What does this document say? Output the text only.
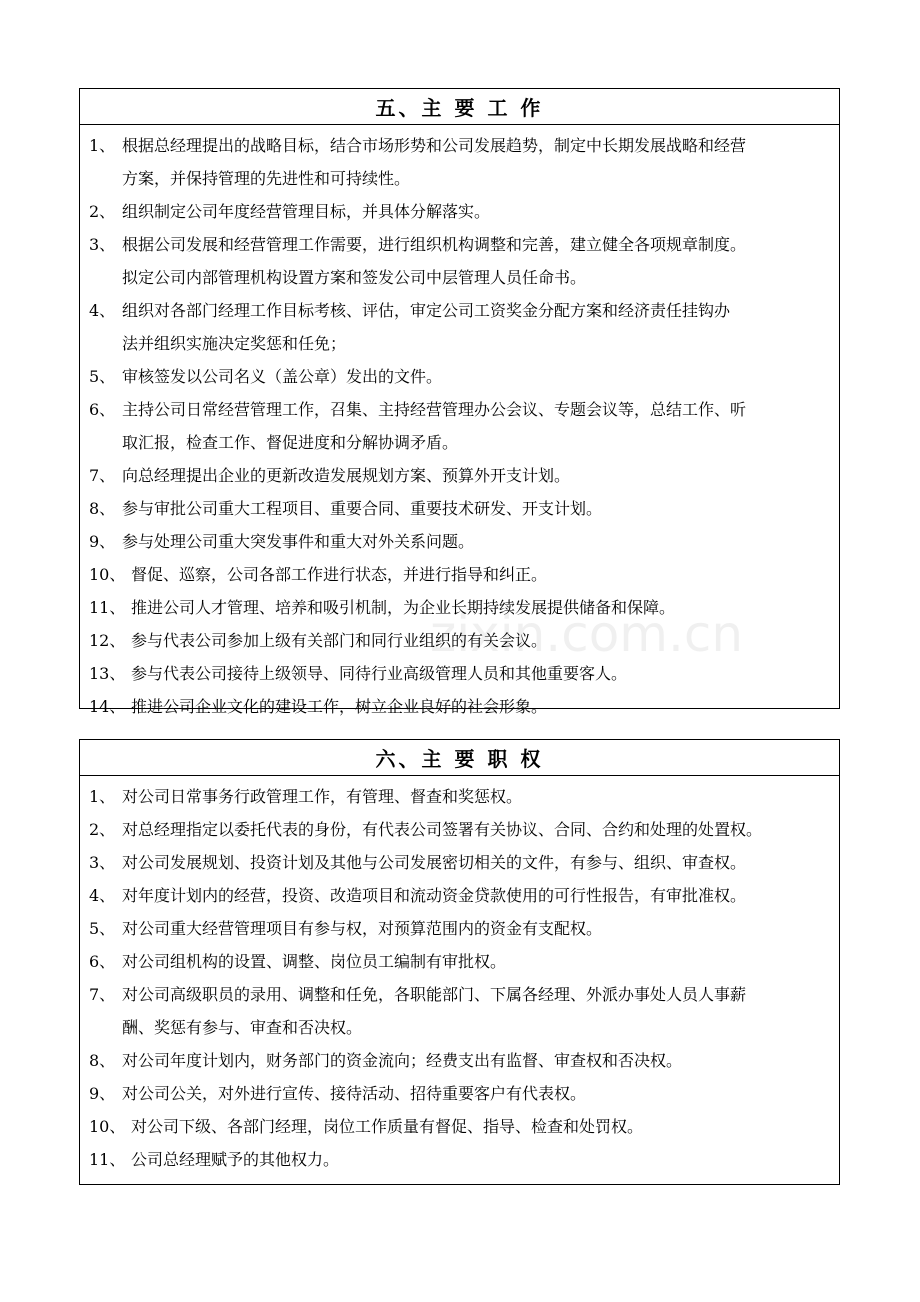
五、主 要 工 作
1、 根据总经理提出的战略目标，结合市场形势和公司发展趋势，制定中长期发展战略和经营
方案，并保持管理的先进性和可持续性。
2、 组织制定公司年度经营管理目标，并具体分解落实。
3、 根据公司发展和经营管理工作需要，进行组织机构调整和完善，建立健全各项规章制度。
拟定公司内部管理机构设置方案和签发公司中层管理人员任命书。
4、 组织对各部门经理工作目标考核、评估，审定公司工资奖金分配方案和经济责任挂钩办
法并组织实施决定奖惩和任免；
5、 审核签发以公司名义（盖公章）发出的文件。
6、 主持公司日常经营管理工作，召集、主持经营管理办公会议、专题会议等，总结工作、听
取汇报，检查工作、督促进度和分解协调矛盾。
7、 向总经理提出企业的更新改造发展规划方案、预算外开支计划。
8、 参与审批公司重大工程项目、重要合同、重要技术研发、开支计划。
9、 参与处理公司重大突发事件和重大对外关系问题。
10、 督促、巡察，公司各部工作进行状态，并进行指导和纠正。
11、 推进公司人才管理、培养和吸引机制，为企业长期持续发展提供储备和保障。
12、 参与代表公司参加上级有关部门和同行业组织的有关会议。
13、 参与代表公司接待上级领导、同待行业高级管理人员和其他重要客人。
14、 推进公司企业文化的建设工作，树立企业良好的社会形象。
六、主 要 职 权
1、 对公司日常事务行政管理工作，有管理、督查和奖惩权。
2、 对总经理指定以委托代表的身份，有代表公司签署有关协议、合同、合约和处理的处置权。
3、 对公司发展规划、投资计划及其他与公司发展密切相关的文件，有参与、组织、审查权。
4、 对年度计划内的经营，投资、改造项目和流动资金贷款使用的可行性报告，有审批准权。
5、 对公司重大经营管理项目有参与权，对预算范围内的资金有支配权。
6、 对公司组机构的设置、调整、岗位员工编制有审批权。
7、 对公司高级职员的录用、调整和任免，各职能部门、下属各经理、外派办事处人员人事薪
酬、奖惩有参与、审查和否决权。
8、 对公司年度计划内，财务部门的资金流向；经费支出有监督、审查权和否决权。
9、 对公司公关，对外进行宣传、接待活动、招待重要客户有代表权。
10、 对公司下级、各部门经理，岗位工作质量有督促、指导、检查和处罚权。
11、 公司总经理赋予的其他权力。
zixin.com.cn
